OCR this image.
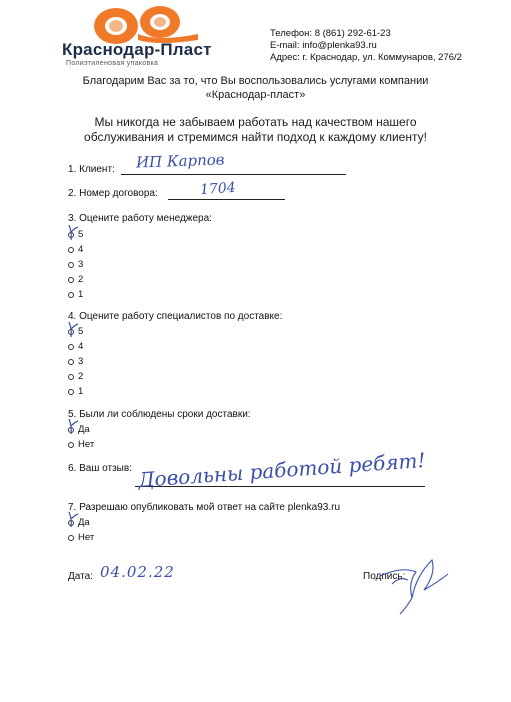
Краснодар-Пласт
Полиэтиленовая упаковка
Телефон: 8 (861) 292-61-23
E-mail: info@plenka93.ru
Адрес: г. Краснодар, ул. Коммунаров, 276/2
Благодарим Вас за то, что Вы воспользовались услугами компании
«Краснодар-пласт»
Мы никогда не забываем работать над качеством нашего
обслуживания и стремимся найти подход к каждому клиенту!
1. Клиент: ИП Карпов
2. Номер договора:	1704
3. Оцените работу менеджера:
5
4
3
2
1
4. Оцените работу специалистов по доставке:
5
4
3
2
1
5. Были ли соблюдены сроки доставки:
Да
Нет
6. Ваш отзыв: Довольны работой ребят!
7. Разрешаю опубликовать мой ответ на сайте plenka93.ru
Да
Нет
Дата: 04.02.22	Подпись:
